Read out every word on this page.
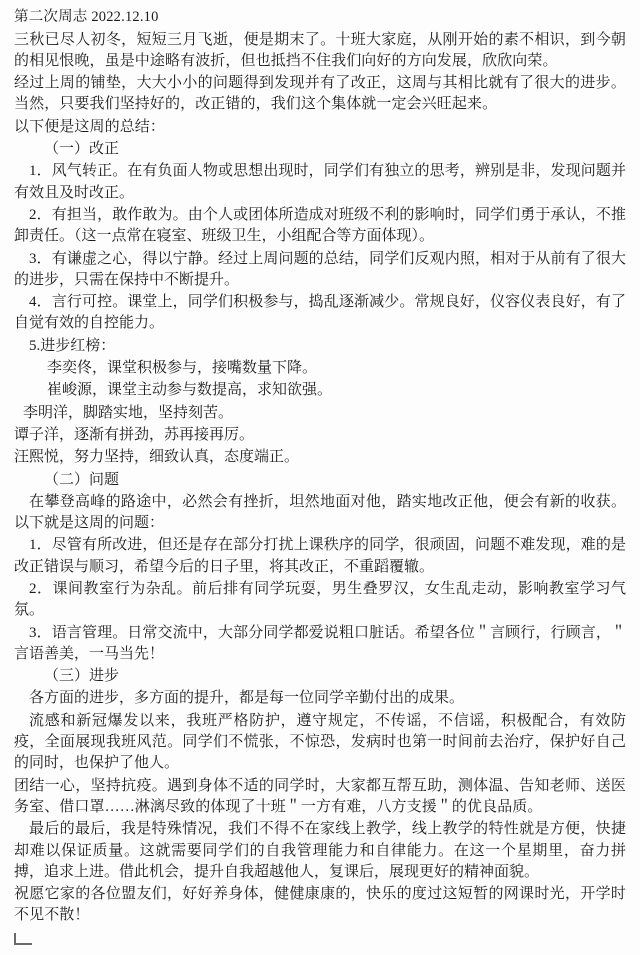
第二次周志 2022.12.10

三秋已尽人初冬，短短三月飞逝，便是期末了。十班大家庭，从刚开始的素不相识，到今朝的相见恨晚，虽是中途略有波折，但也抵挡不住我们向好的方向发展，欣欣向荣。

经过上周的铺垫，大大小小的问题得到发现并有了改正，这周与其相比就有了很大的进步。当然，只要我们坚持好的，改正错的，我们这个集体就一定会兴旺起来。

以下便是这周的总结：

（一）改正

1．风气转正。在有负面人物或思想出现时，同学们有独立的思考，辨别是非，发现问题并有效且及时改正。

2．有担当，敢作敢为。由个人或团体所造成对班级不利的影响时，同学们勇于承认，不推卸责任。（这一点常在寝室、班级卫生，小组配合等方面体现）。

3．有谦虚之心，得以宁静。经过上周问题的总结，同学们反观内照，相对于从前有了很大的进步，只需在保持中不断提升。

4．言行可控。课堂上，同学们积极参与，捣乱逐渐减少。常规良好，仪容仪表良好，有了自觉有效的自控能力。

5.进步红榜：

李奕佟，课堂积极参与，接嘴数量下降。

崔峻源，课堂主动参与数提高，求知欲强。

李明洋，脚踏实地，坚持刻苦。

谭子洋，逐渐有拼劲，苏再接再厉。

汪熙悦，努力坚持，细致认真，态度端正。

（二）问题

在攀登高峰的路途中，必然会有挫折，坦然地面对他，踏实地改正他，便会有新的收获。以下就是这周的问题：

1．尽管有所改进，但还是存在部分打扰上课秩序的同学，很顽固，问题不难发现，难的是改正错误与顺习，希望今后的日子里，将其改正，不重蹈覆辙。

2．课间教室行为杂乱。前后排有同学玩耍，男生叠罗汉，女生乱走动，影响教室学习气氛。

3．语言管理。日常交流中，大部分同学都爱说粗口脏话。希望各位＂言顾行，行顾言，＂言语善美，一马当先！

（三）进步

各方面的进步，多方面的提升，都是每一位同学辛勤付出的成果。

流感和新冠爆发以来，我班严格防护，遵守规定，不传谣，不信谣，积极配合，有效防疫，全面展现我班风范。同学们不慌张，不惊恐，发病时也第一时间前去治疗，保护好自己的同时，也保护了他人。

团结一心，坚持抗疫。遇到身体不适的同学时，大家都互帮互助，测体温、告知老师、送医务室、借口罩……淋漓尽致的体现了十班＂一方有难，八方支援＂的优良品质。

最后的最后，我是特殊情况，我们不得不在家线上教学，线上教学的特性就是方便，快捷却难以保证质量。这就需要同学们的自我管理能力和自律能力。在这一个星期里，奋力拼搏，追求上进。借此机会，提升自我超越他人，复课后，展现更好的精神面貌。

祝愿它家的各位盟友们，好好养身体，健健康康的，快乐的度过这短暂的网课时光，开学时不见不散！
